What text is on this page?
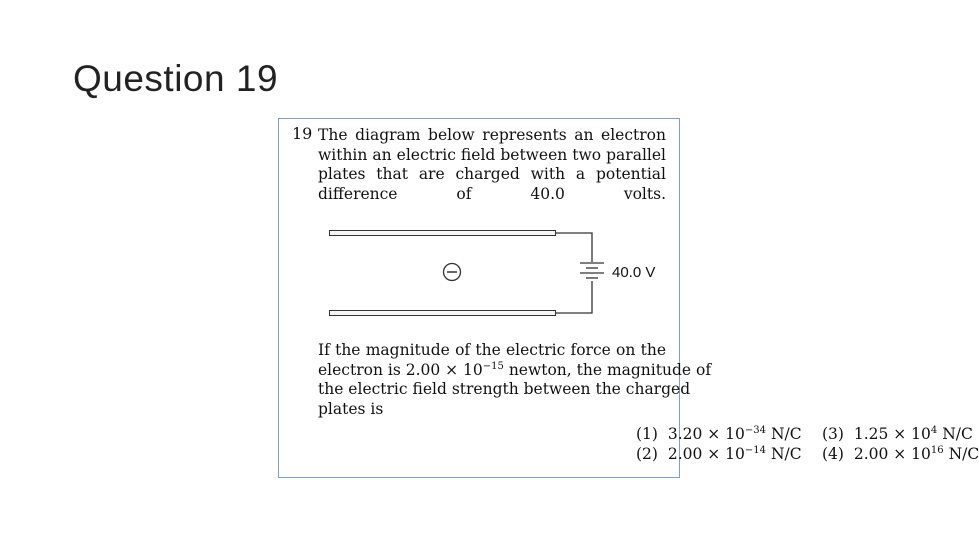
Question 19
19 The diagram below represents an electron
within an electric field between two parallel
plates that are charged with a potential
difference of 40.0 volts.
40.0 V
If the magnitude of the electric force on the
electron is $2.00 \times 10^{-15}$ newton, the magnitude of
the electric field strength between the charged
plates is
(1) $3.20 \times 10^{-34}$ N/C
(2) $2.00 \times 10^{-14}$ N/C
(3) $1.25 \times 10^4$ N/C
(4) $2.00 \times 10^{16}$ N/C
